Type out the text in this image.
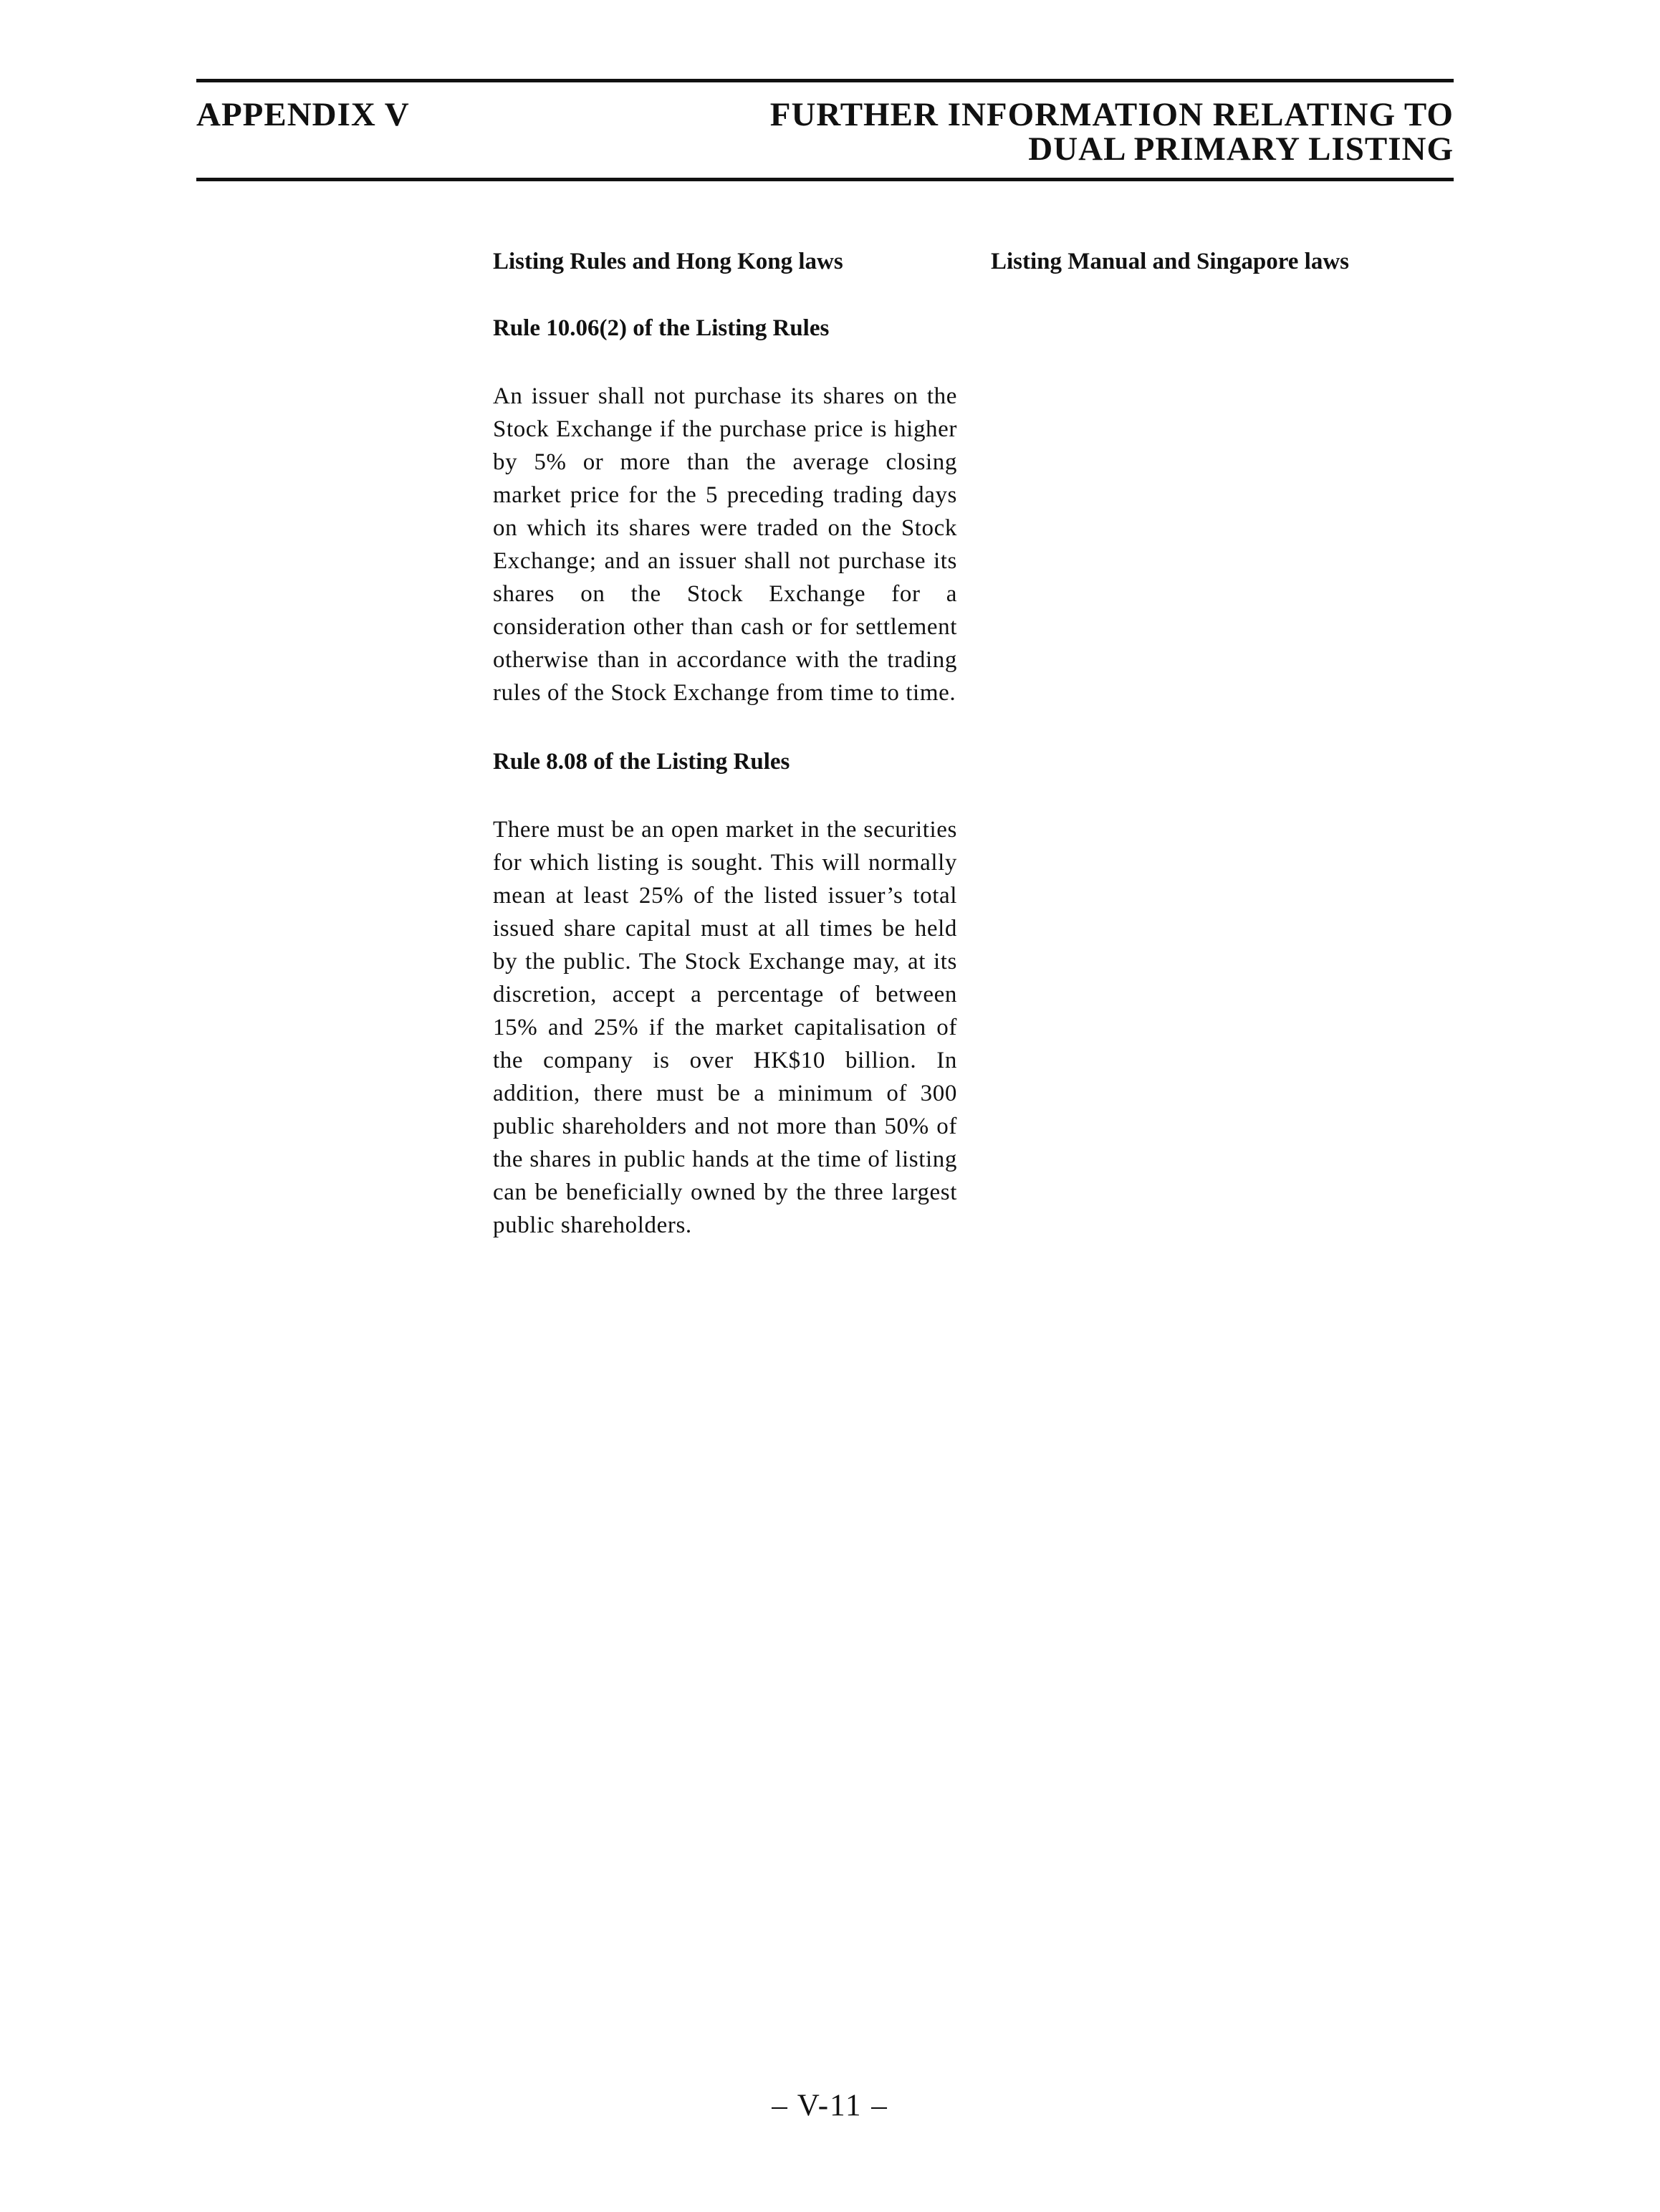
APPENDIX V	FURTHER INFORMATION RELATING TO
DUAL PRIMARY LISTING
Listing Rules and Hong Kong laws
Rule 10.06(2) of the Listing Rules

An issuer shall not purchase its shares on the Stock Exchange if the purchase price is higher by 5% or more than the average closing market price for the 5 preceding trading days on which its shares were traded on the Stock Exchange; and an issuer shall not purchase its shares on the Stock Exchange for a consideration other than cash or for settlement otherwise than in accordance with the trading rules of the Stock Exchange from time to time.

Rule 8.08 of the Listing Rules

There must be an open market in the securities for which listing is sought. This will normally mean at least 25% of the listed issuer’s total issued share capital must at all times be held by the public. The Stock Exchange may, at its discretion, accept a percentage of between 15% and 25% if the market capitalisation of the company is over HK$10 billion. In addition, there must be a minimum of 300 public shareholders and not more than 50% of the shares in public hands at the time of listing can be beneficially owned by the three largest public shareholders.

Listing Manual and Singapore laws
– V-11 –
